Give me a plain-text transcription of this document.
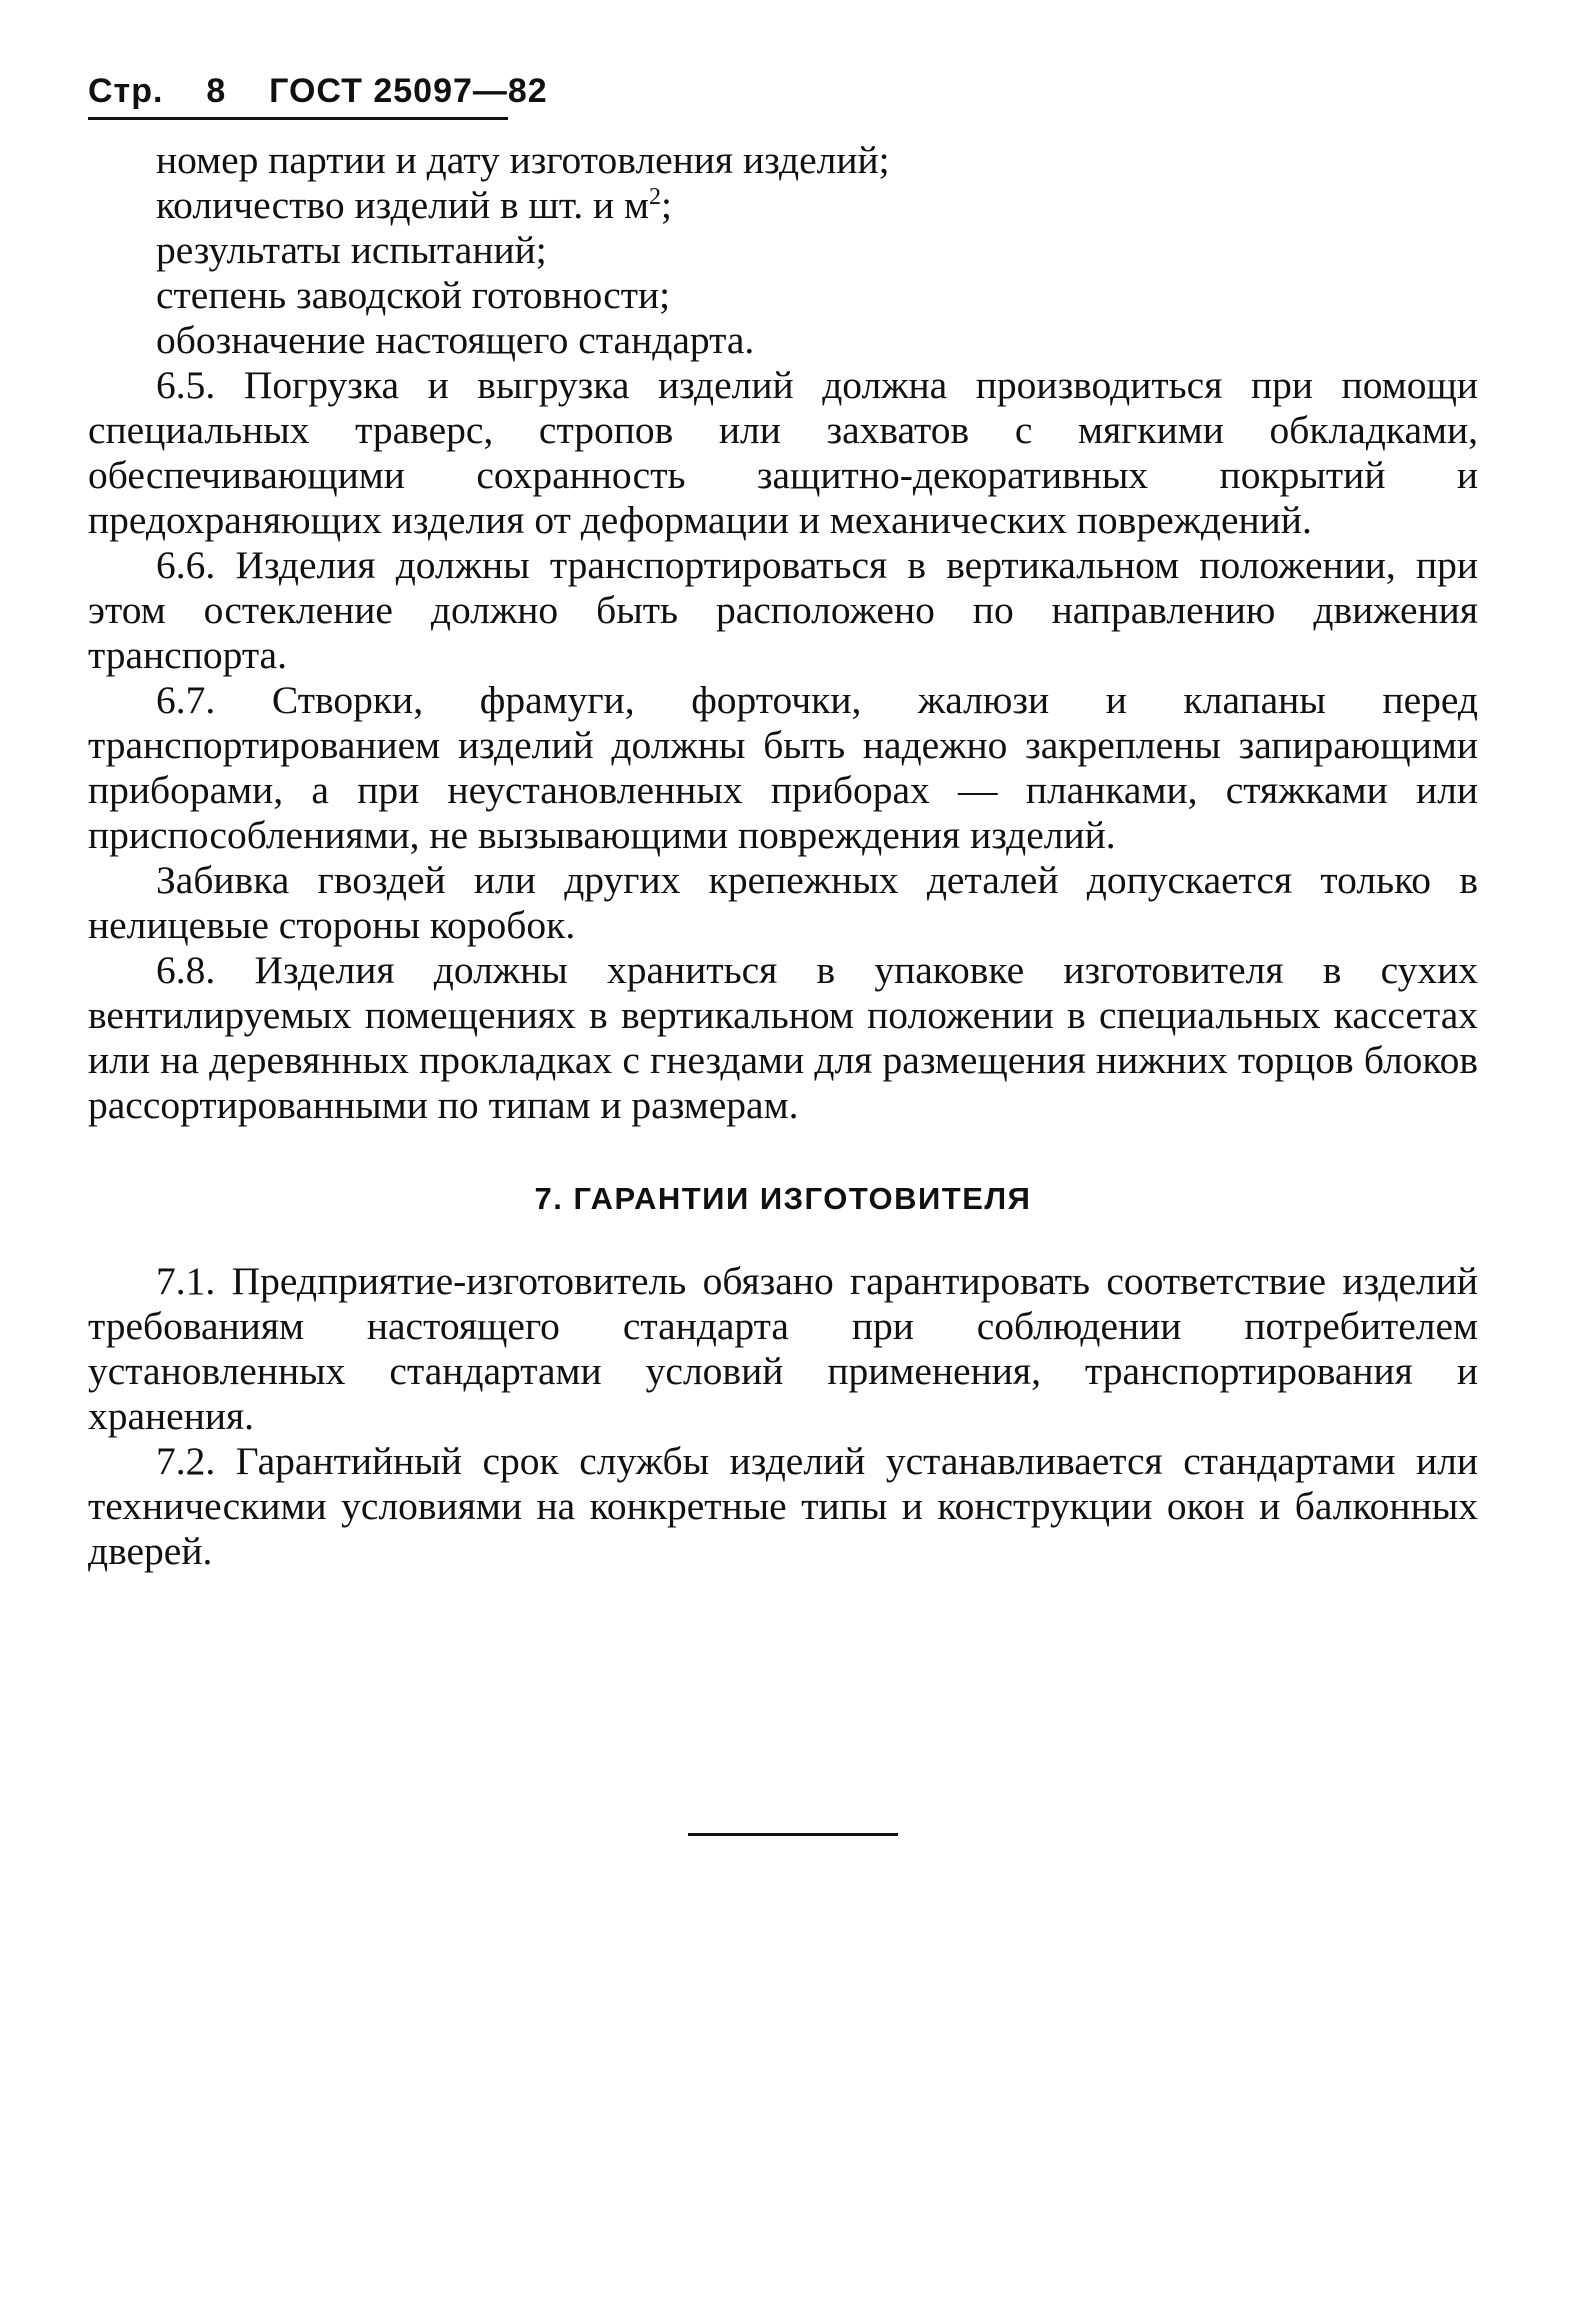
Стр. 8 ГОСТ 25097—82
номер партии и дату изготовления изделий;
количество изделий в шт. и $м^2$;
результаты испытаний;
степень заводской готовности;
обозначение настоящего стандарта.

6.5. Погрузка и выгрузка изделий должна производиться при помощи специальных траверс, стропов или захватов с мягкими обкладками, обеспечивающими сохранность защитно-декоративных покрытий и предохраняющих изделия от деформации и механических повреждений.

6.6. Изделия должны транспортироваться в вертикальном положении, при этом остекление должно быть расположено по направлению движения транспорта.

6.7. Створки, фрамуги, форточки, жалюзи и клапаны перед транспортированием изделий должны быть надежно закреплены запирающими приборами, а при неустановленных приборах — планками, стяжками или приспособлениями, не вызывающими повреждения изделий.

Забивка гвоздей или других крепежных деталей допускается только в нелицевые стороны коробок.

6.8. Изделия должны храниться в упаковке изготовителя в сухих вентилируемых помещениях в вертикальном положении в специальных кассетах или на деревянных прокладках с гнездами для размещения нижних торцов блоков рассортированными по типам и размерам.

7. ГАРАНТИИ ИЗГОТОВИТЕЛЯ

7.1. Предприятие-изготовитель обязано гарантировать соответствие изделий требованиям настоящего стандарта при соблюдении потребителем установленных стандартами условий применения, транспортирования и хранения.

7.2. Гарантийный срок службы изделий устанавливается стандартами или техническими условиями на конкретные типы и конструкции окон и балконных дверей.
